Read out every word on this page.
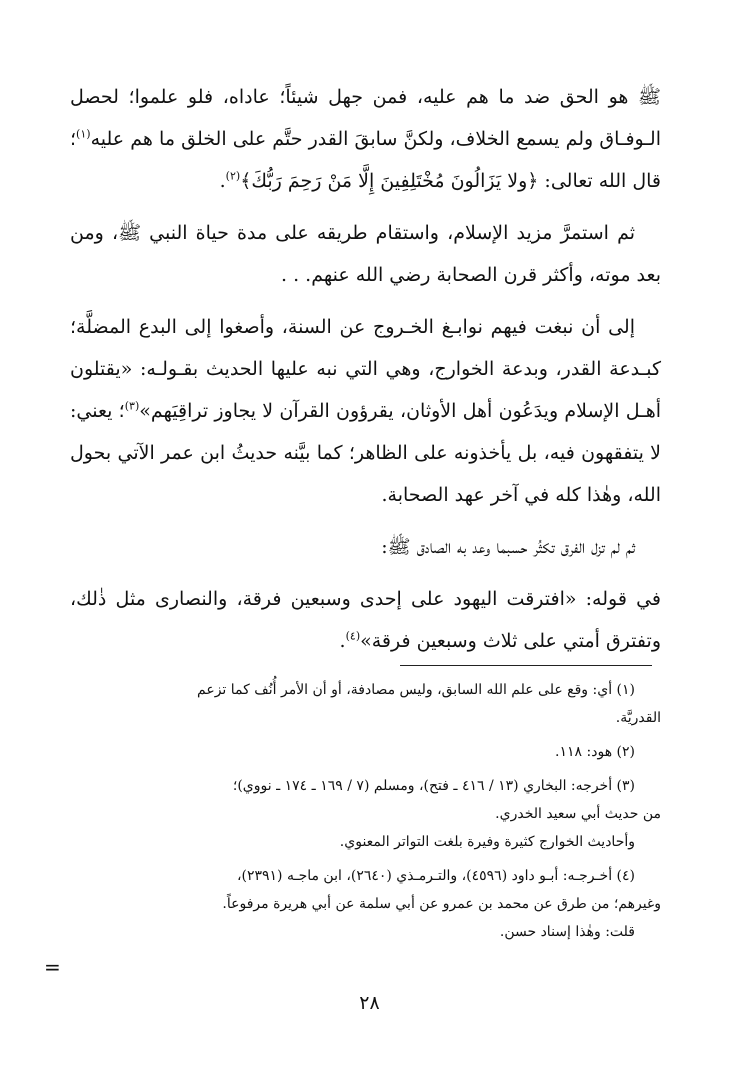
ﷺ هو الحق ضد ما هم عليه، فمن جهل شيئاً؛ عاداه، فلو علموا؛ لحصل الـوفـاق ولم يسمع الخلاف، ولكنَّ سابقَ القدر حتَّم على الخلق ما هم عليه$^{(١)}$؛ قال الله تعالى: ﴿ولا يَزَالُونَ مُخْتَلِفِينَ إِلَّا مَنْ رَحِمَ رَبُّكَ﴾$^{(٢)}$.

ثم استمرَّ مزيد الإسلام، واستقام طريقه على مدة حياة النبي ﷺ، ومن بعد موته، وأكثر قرن الصحابة رضي الله عنهم. . .

إلى أن نبغت فيهم نوابـغ الخـروج عن السنة، وأصغوا إلى البدع المضلَّة؛ كبـدعة القدر، وبدعة الخوارج، وهي التي نبه عليها الحديث بقـولـه: «يقتلون أهـل الإسلام ويدَعُون أهل الأوثان، يقرؤون القرآن لا يجاوز تراقِيَهم»$^{(٣)}$؛ يعني: لا يتفقهون فيه، بل يأخذونه على الظاهر؛ كما بيَّنه حديثُ ابن عمر الآتي بحول الله، وهٰذا كله في آخر عهد الصحابة.

ثم لم تزل الفرق تكثُر حسبما وعد به الصادق ﷺ:

في قوله: «افترقت اليهود على إحدى وسبعين فرقة، والنصارى مثل ذٰلك، وتفترق أمتي على ثلاث وسبعين فرقة»$^{(٤)}$.

(١) أي: وقع على علم الله السابق، وليس مصادفة، أو أن الأمر أُنُف كما تزعم
القدريَّة.
(٢) هود: ١١٨.
(٣) أخرجه: البخاري (١٣ / ٤١٦ ـ فتح)، ومسلم (٧ / ١٦٩ ـ ١٧٤ ـ نووي)؛
من حديث أبي سعيد الخدري.
وأحاديث الخوارج كثيرة وفيرة بلغت التواتر المعنوي.
(٤) أخـرجـه: أبـو داود (٤٥٩٦)، والتـرمـذي (٢٦٤٠)، ابن ماجـه (٢٣٩١)،
وغيرهم؛ من طرق عن محمد بن عمرو عن أبي سلمة عن أبي هريرة مرفوعاً.
قلت: وهٰذا إسناد حسن.
=
٢٨
